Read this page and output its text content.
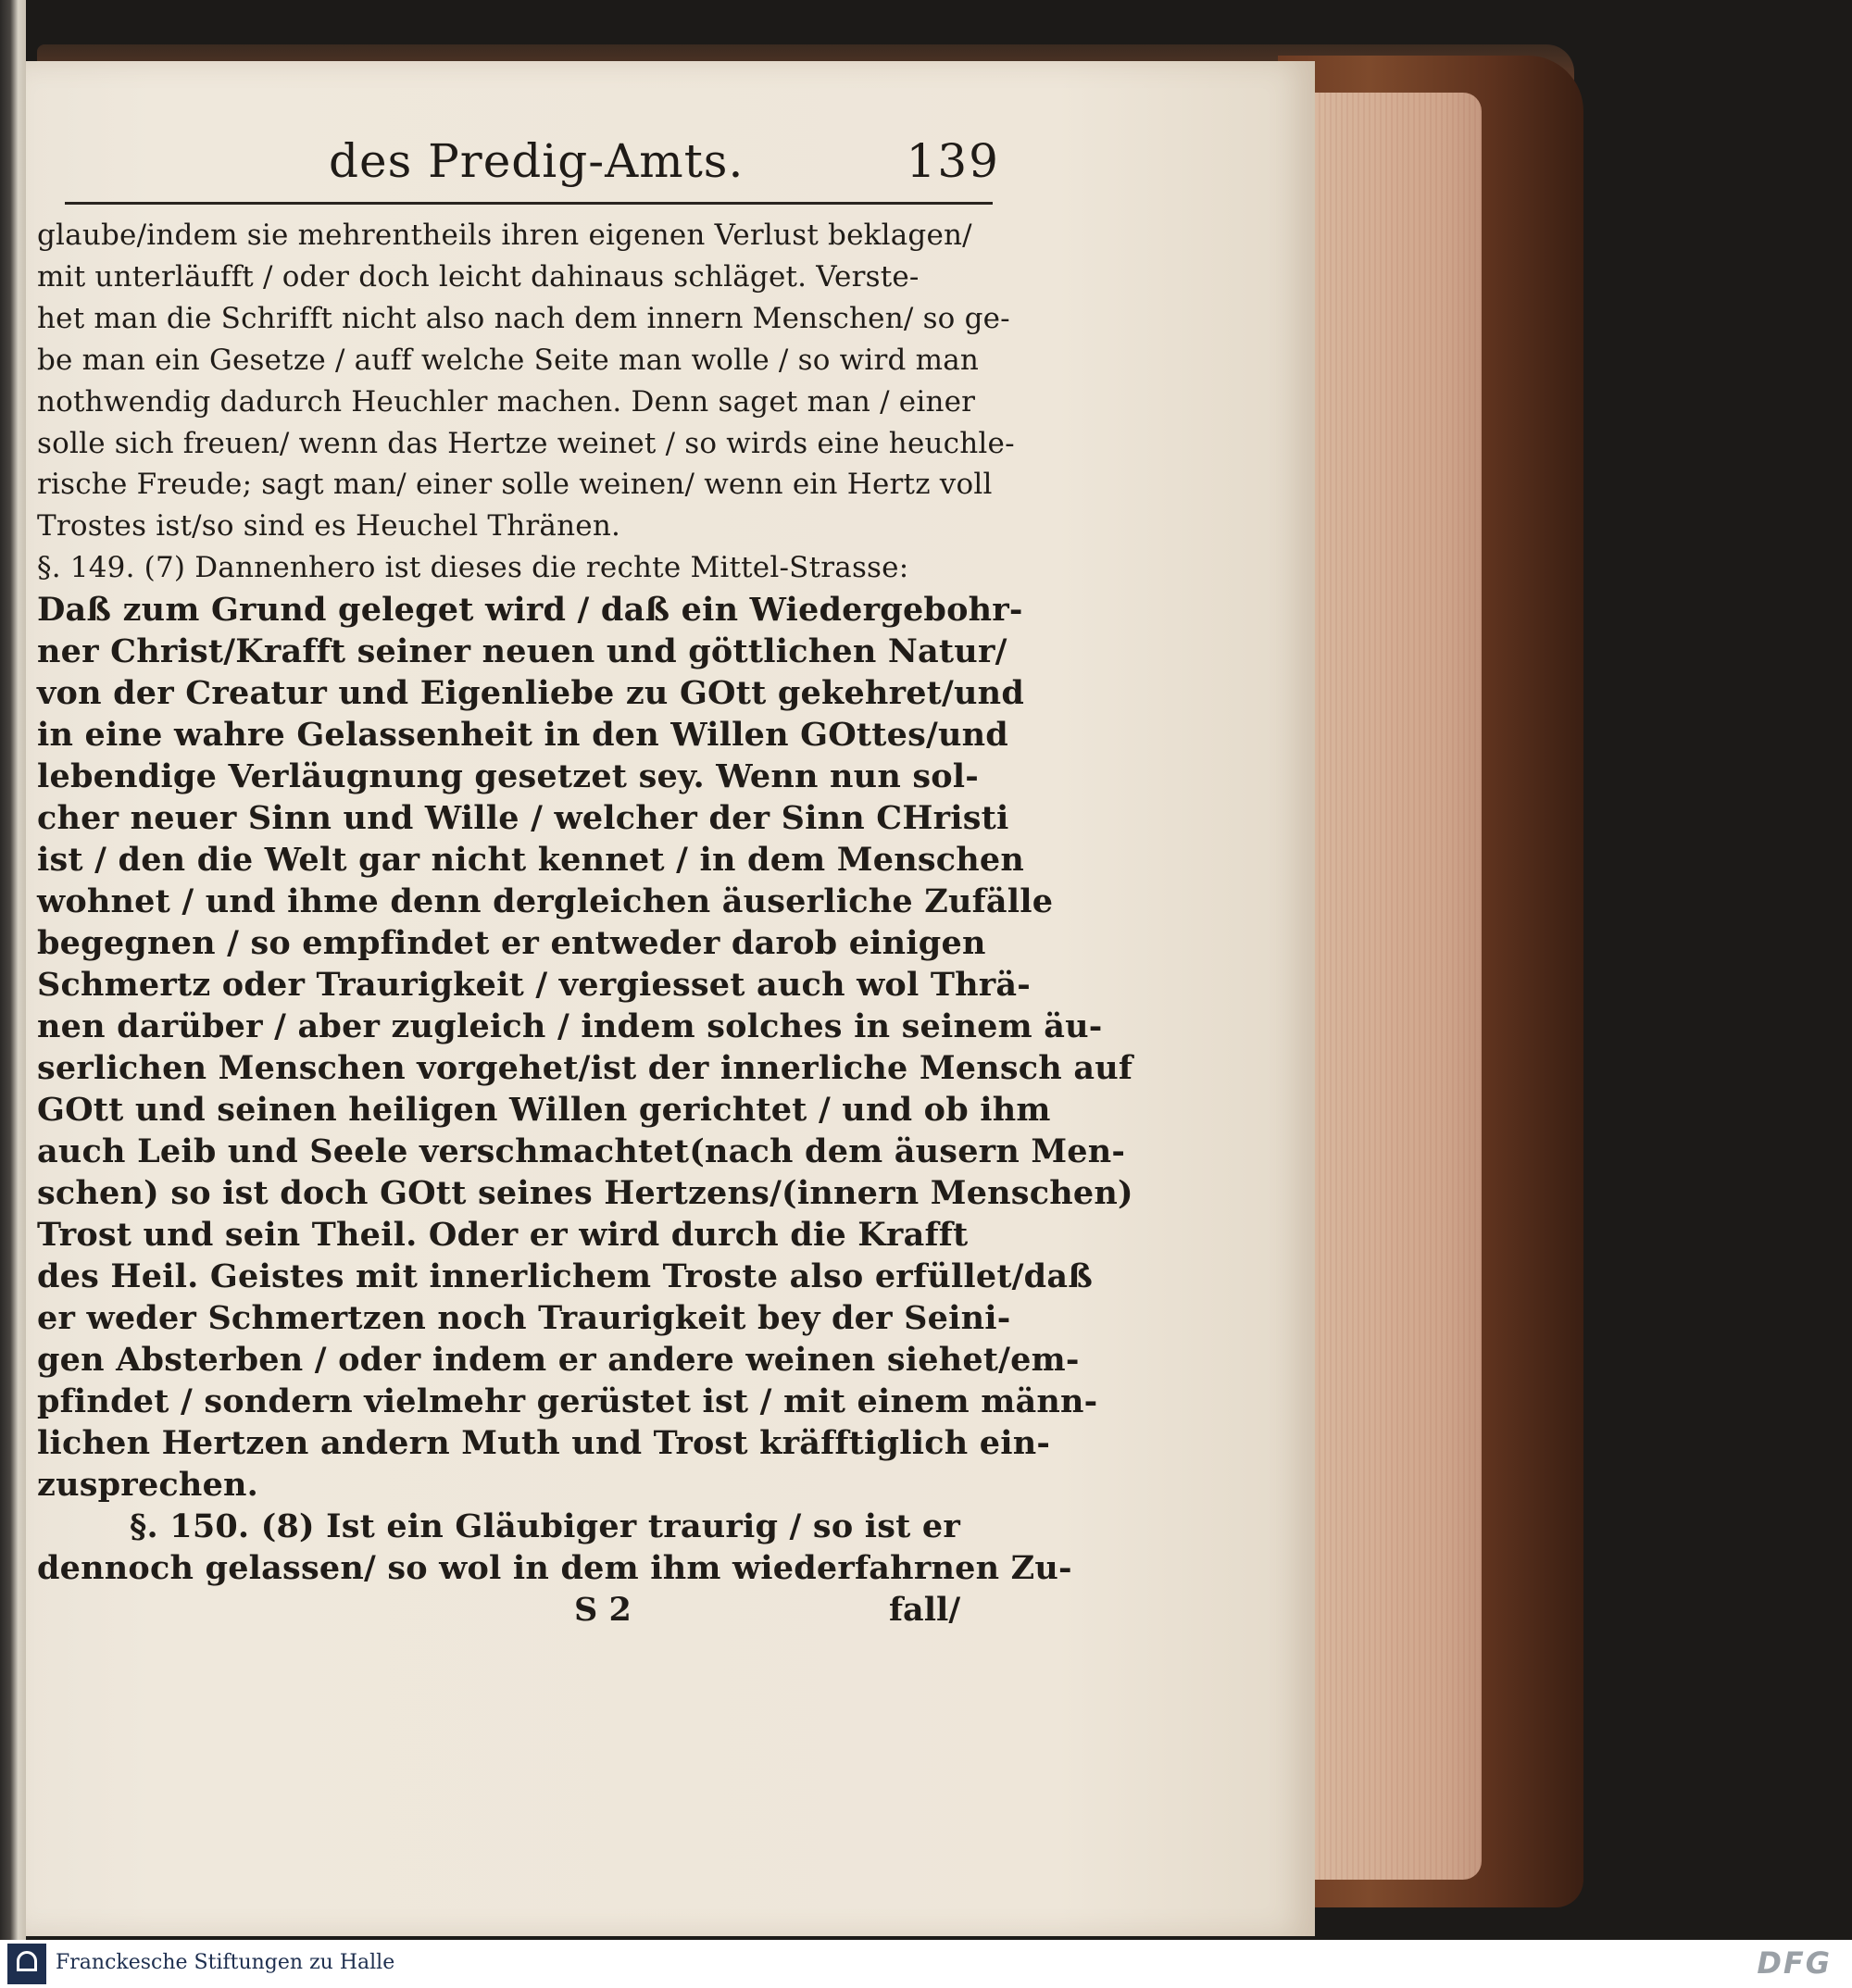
des Predig-Amts.	139
glaube/indem sie mehrentheils ihren eigenen Verlust beklagen/
mit unterläufft / oder doch leicht dahinaus schläget. Verste-
het man die Schrifft nicht also nach dem innern Menschen/ so ge-
be man ein Gesetze / auff welche Seite man wolle / so wird man
nothwendig dadurch Heuchler machen. Denn saget man / einer
solle sich freuen/ wenn das Hertze weinet / so wirds eine heuchle-
rische Freude; sagt man/ einer solle weinen/ wenn ein Hertz voll
Trostes ist/so sind es Heuchel Thränen.
§. 149. (7) Dannenhero ist dieses die rechte Mittel-Strasse:
Daß zum Grund geleget wird / daß ein Wiedergebohr-
ner Christ/Krafft seiner neuen und göttlichen Natur/
von der Creatur und Eigenliebe zu GOtt gekehret/und
in eine wahre Gelassenheit in den Willen GOttes/und
lebendige Verläugnung gesetzet sey. Wenn nun sol-
cher neuer Sinn und Wille / welcher der Sinn CHristi
ist / den die Welt gar nicht kennet / in dem Menschen
wohnet / und ihme denn dergleichen äuserliche Zufälle
begegnen / so empfindet er entweder darob einigen
Schmertz oder Traurigkeit / vergiesset auch wol Thrä-
nen darüber / aber zugleich / indem solches in seinem äu-
serlichen Menschen vorgehet/ist der innerliche Mensch auf
GOtt und seinen heiligen Willen gerichtet / und ob ihm
auch Leib und Seele verschmachtet(nach dem äusern Men-
schen) so ist doch GOtt seines Hertzens/(innern Menschen)
Trost und sein Theil. Oder er wird durch die Krafft
des Heil. Geistes mit innerlichem Troste also erfüllet/daß
er weder Schmertzen noch Traurigkeit bey der Seini-
gen Absterben / oder indem er andere weinen siehet/em-
pfindet / sondern vielmehr gerüstet ist / mit einem männ-
lichen Hertzen andern Muth und Trost kräfftiglich ein-
zusprechen.
§. 150. (8) Ist ein Gläubiger traurig / so ist er
dennoch gelassen/ so wol in dem ihm wiederfahrnen Zu-
S 2	fall/
Franckesche Stiftungen zu Halle	DFG
